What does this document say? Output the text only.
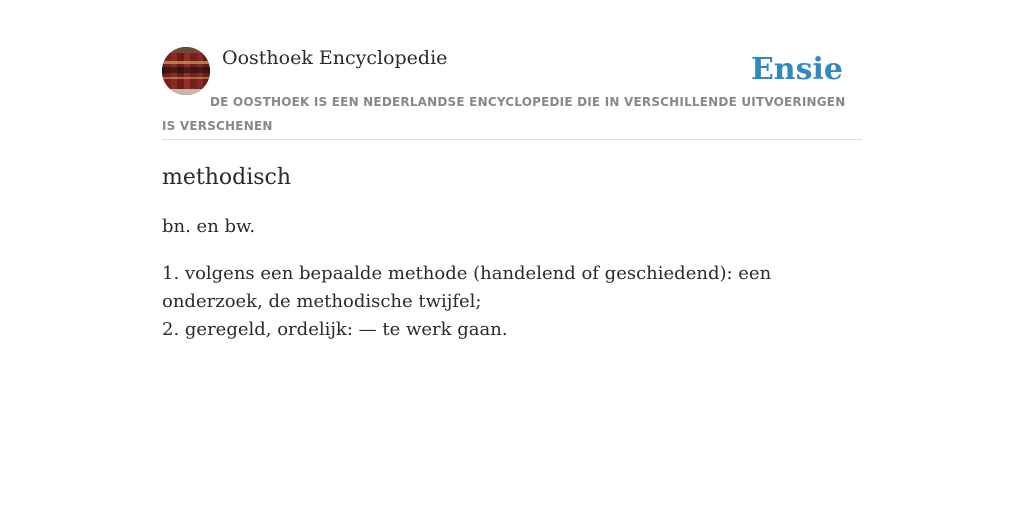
Oosthoek Encyclopedie	Ensie
DE OOSTHOEK IS EEN NEDERLANDSE ENCYCLOPEDIE DIE IN VERSCHILLENDE UITVOERINGEN IS VERSCHENEN
methodisch

bn. en bw.

1. volgens een bepaalde methode (handelend of geschiedend): een onderzoek, de methodische twijfel;
2. geregeld, ordelijk: — te werk gaan.
